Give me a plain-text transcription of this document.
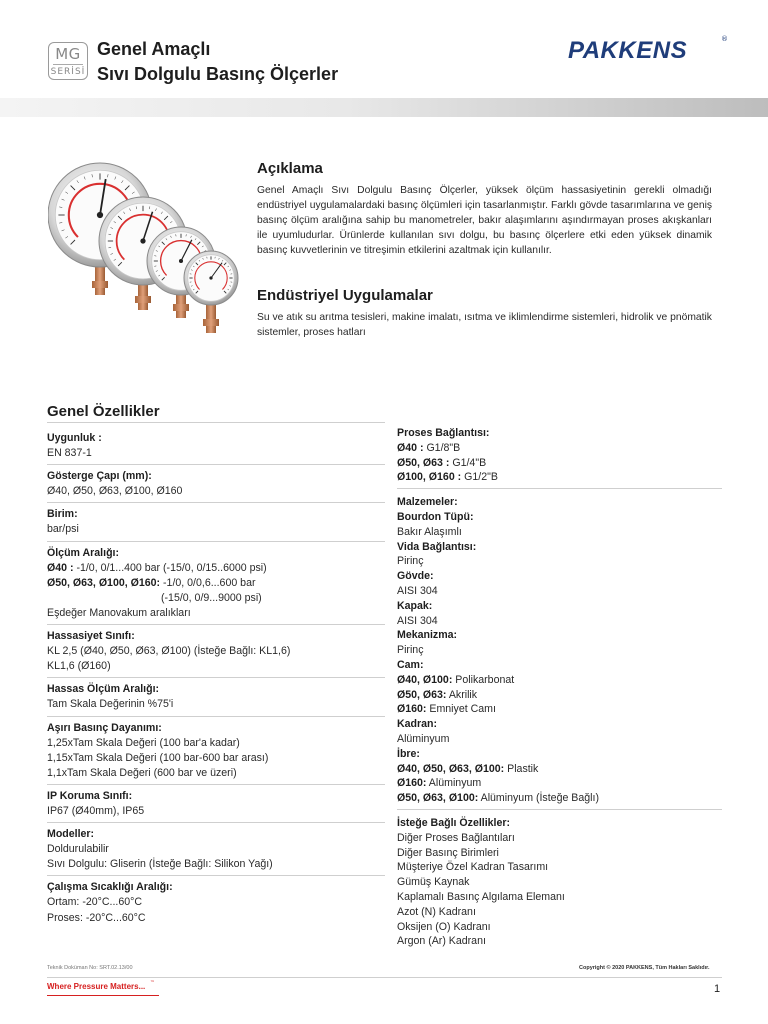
MG
SERİSİ
Genel Amaçlı
Sıvı Dolgulu Basınç Ölçerler
PAKKENS	®
Açıklama
Genel Amaçlı Sıvı Dolgulu Basınç Ölçerler, yüksek ölçüm hassasiyetinin gerekli olmadığı endüstriyel uygulamalardaki basınç ölçümleri için tasarlanmıştır. Farklı gövde tasarımlarına ve geniş basınç ölçüm aralığına sahip bu manometreler, bakır alaşımlarını aşındırmayan proses akışkanları ile uyumludurlar. Ürünlerde kullanılan sıvı dolgu, bu basınç ölçerlere etki eden yüksek dinamik basınç kuvvetlerinin ve titreşimin etkilerini azaltmak için kullanılır.
Endüstriyel Uygulamalar
Su ve atık su arıtma tesisleri, makine imalatı, ısıtma ve iklimlendirme sistemleri, hidrolik ve pnömatik sistemler, proses hatları
Genel Özellikler
Uygunluk :
EN 837-1
Gösterge Çapı (mm):
Ø40, Ø50, Ø63, Ø100, Ø160
Birim:
bar/psi
Ölçüm Aralığı:
Ø40 : -1/0, 0/1...400 bar (-15/0, 0/15..6000 psi)
Ø50, Ø63, Ø100, Ø160: -1/0, 0/0,6...600 bar
(-15/0, 0/9...9000 psi)
Eşdeğer Manovakum aralıkları
Hassasiyet Sınıfı:
KL 2,5 (Ø40, Ø50, Ø63, Ø100) (İsteğe Bağlı: KL1,6)
KL1,6 (Ø160)
Hassas Ölçüm Aralığı:
Tam Skala Değerinin %75'i
Aşırı Basınç Dayanımı:
1,25xTam Skala Değeri (100 bar'a kadar)
1,15xTam Skala Değeri (100 bar-600 bar arası)
1,1xTam Skala Değeri (600 bar ve üzeri)
IP Koruma Sınıfı:
IP67 (Ø40mm), IP65
Modeller:
Doldurulabilir
Sıvı Dolgulu: Gliserin (İsteğe Bağlı: Silikon Yağı)
Çalışma Sıcaklığı Aralığı:
Ortam: -20°C...60°C
Proses: -20°C...60°C
Proses Bağlantısı:
Ø40 : G1/8"B
Ø50, Ø63 : G1/4"B
Ø100, Ø160 : G1/2"B
Malzemeler:
Bourdon Tüpü:
Bakır Alaşımlı
Vida Bağlantısı:
Pirinç
Gövde:
AISI 304
Kapak:
AISI 304
Mekanizma:
Pirinç
Cam:
Ø40, Ø100: Polikarbonat
Ø50, Ø63: Akrilik
Ø160: Emniyet Camı
Kadran:
Alüminyum
İbre:
Ø40, Ø50, Ø63, Ø100: Plastik
Ø160: Alüminyum
Ø50, Ø63, Ø100: Alüminyum (İsteğe Bağlı)
İsteğe Bağlı Özellikler:
Diğer Proses Bağlantıları
Diğer Basınç Birimleri
Müşteriye Özel Kadran Tasarımı
Gümüş Kaynak
Kaplamalı Basınç Algılama Elemanı
Azot (N) Kadranı
Oksijen (O) Kadranı
Argon (Ar) Kadranı
Teknik Doküman No: SRT.02.13/00	Copyright © 2020 PAKKENS, Tüm Hakları Saklıdır.
Where Pressure Matters... ™	1
